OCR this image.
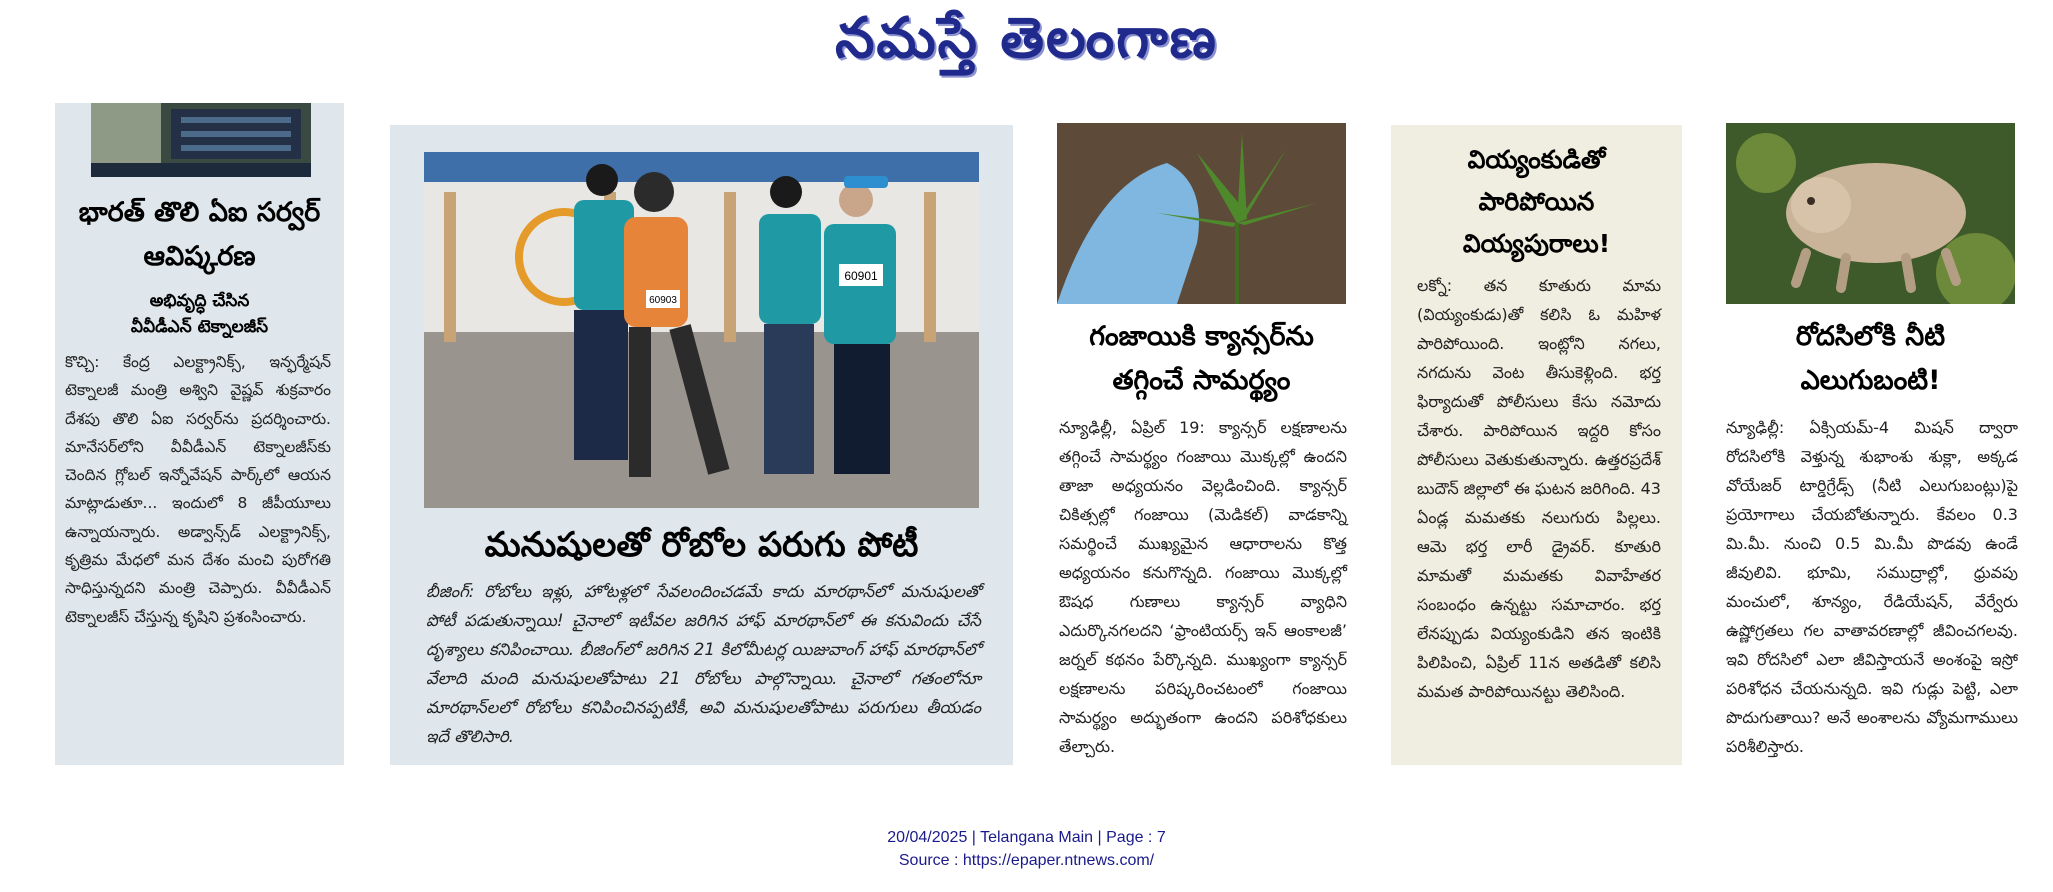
నమస్తే తెలంగాణ
భారత్ తొలి ఏఐ సర్వర్ ఆవిష్కరణ
అభివృద్ధి చేసిన
వీవీడీఎన్ టెక్నాలజీస్
కొచ్చి: కేంద్ర ఎలక్ట్రానిక్స్, ఇన్ఫర్మేషన్ టెక్నాలజీ మంత్రి అశ్విని వైష్ణవ్ శుక్రవారం దేశపు తొలి ఏఐ సర్వర్‌ను ప్రదర్శించారు. మానేసర్‌లోని వీవీడీఎన్ టెక్నాలజీస్‌కు చెందిన గ్లోబల్ ఇన్నోవేషన్ పార్క్‌లో ఆయన మాట్లాడుతూ... ఇందులో 8 జీపీయూలు ఉన్నాయన్నారు. అడ్వాన్స్‌డ్ ఎలక్ట్రానిక్స్, కృత్రిమ మేధలో మన దేశం మంచి పురోగతి సాధిస్తున్నదని మంత్రి చెప్పారు. వీవీడీఎన్ టెక్నాలజీస్ చేస్తున్న కృషిని ప్రశంసించారు.
60901
60903
మనుషులతో రోబోల పరుగు పోటీ
బీజింగ్: రోబోలు ఇళ్లు, హోటళ్లలో సేవలందించడమే కాదు మారథాన్‌లో మనుషులతో పోటీ పడుతున్నాయి! చైనాలో ఇటీవల జరిగిన హాఫ్ మారథాన్‌లో ఈ కనువిందు చేసే దృశ్యాలు కనిపించాయి. బీజింగ్‌లో జరిగిన 21 కిలోమీటర్ల యిజువాంగ్ హాఫ్ మారథాన్‌లో వేలాది మంది మనుషులతోపాటు 21 రోబోలు పాల్గొన్నాయి. చైనాలో గతంలోనూ మారథాన్‌లలో రోబోలు కనిపించినప్పటికీ, అవి మనుషులతోపాటు పరుగులు తీయడం ఇదే తొలిసారి.
గంజాయికి క్యాన్సర్‌ను తగ్గించే సామర్థ్యం
న్యూఢిల్లీ, ఏప్రిల్ 19: క్యాన్సర్ లక్షణాలను తగ్గించే సామర్థ్యం గంజాయి మొక్కల్లో ఉందని తాజా అధ్యయనం వెల్లడించింది. క్యాన్సర్ చికిత్సల్లో గంజాయి (మెడికల్) వాడకాన్ని సమర్థించే ముఖ్యమైన ఆధారాలను కొత్త అధ్యయనం కనుగొన్నది. గంజాయి మొక్కల్లో ఔషధ గుణాలు క్యాన్సర్ వ్యాధిని ఎదుర్కొనగలదని ‘ఫ్రాంటియర్స్ ఇన్ ఆంకాలజీ’ జర్నల్ కథనం పేర్కొన్నది. ముఖ్యంగా క్యాన్సర్ లక్షణాలను పరిష్కరించటంలో గంజాయి సామర్థ్యం అద్భుతంగా ఉందని పరిశోధకులు తేల్చారు.
వియ్యంకుడితో పారిపోయిన వియ్యపురాలు!
లక్నో: తన కూతురు మామ (వియ్యంకుడు)తో కలిసి ఓ మహిళ పారిపోయింది. ఇంట్లోని నగలు, నగదును వెంట తీసుకెళ్లింది. భర్త ఫిర్యాదుతో పోలీసులు కేసు నమోదు చేశారు. పారిపోయిన ఇద్దరి కోసం పోలీసులు వెతుకుతున్నారు. ఉత్తరప్రదేశ్ బుదౌన్ జిల్లాలో ఈ ఘటన జరిగింది. 43 ఏండ్ల మమతకు నలుగురు పిల్లలు. ఆమె భర్త లారీ డ్రైవర్. కూతురి మామతో మమతకు వివాహేతర సంబంధం ఉన్నట్టు సమాచారం. భర్త లేనప్పుడు వియ్యంకుడిని తన ఇంటికి పిలిపించి, ఏప్రిల్ 11న అతడితో కలిసి మమత పారిపోయినట్టు తెలిసింది.
రోదసిలోకి నీటి ఎలుగుబంటి!
న్యూఢిల్లీ: ఏక్సియమ్-4 మిషన్ ద్వారా రోదసిలోకి వెళ్తున్న శుభాంశు శుక్లా, అక్కడ వోయేజర్ టార్డిగ్రేడ్స్ (నీటి ఎలుగుబంట్లు)పై ప్రయోగాలు చేయబోతున్నారు. కేవలం 0.3 మి.మీ. నుంచి 0.5 మి.మీ పొడవు ఉండే జీవులివి. భూమి, సముద్రాల్లో, ధ్రువపు మంచులో, శూన్యం, రేడియేషన్, వేర్వేరు ఉష్ణోగ్రతలు గల వాతావరణాల్లో జీవించగలవు. ఇవి రోదసిలో ఎలా జీవిస్తాయనే అంశంపై ఇస్రో పరిశోధన చేయనున్నది. ఇవి గుడ్లు పెట్టి, ఎలా పొదుగుతాయి? అనే అంశాలను వ్యోమగాములు పరిశీలిస్తారు.
20/04/2025 | Telangana Main | Page : 7
Source : https://epaper.ntnews.com/
